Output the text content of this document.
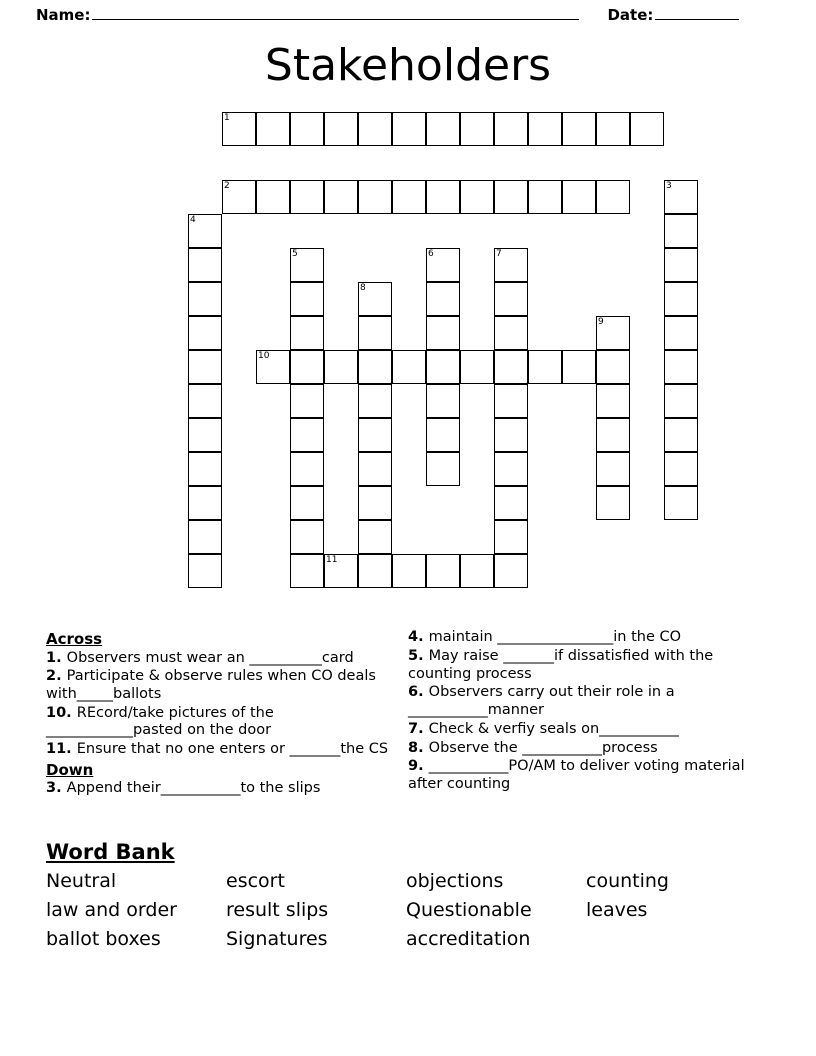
Name:	Date:
Stakeholders
1
2	3
4
5	6	7
8
9
10
11
Across
1. Observers must wear an __________card
2. Participate & observe rules when CO deals with_____ballots
10. REcord/take pictures of the ____________pasted on the door
11. Ensure that no one enters or _______the CS
Down
3. Append their___________to the slips
4. maintain ________________in the CO
5. May raise _______if dissatisfied with the counting process
6. Observers carry out their role in a ___________manner
7. Check & verfiy seals on___________
8. Observe the ___________process
9. ___________PO/AM to deliver voting material after counting
Word Bank
Neutral	escort	objections	counting
law and order	result slips	Questionable	leaves
ballot boxes	Signatures	accreditation
